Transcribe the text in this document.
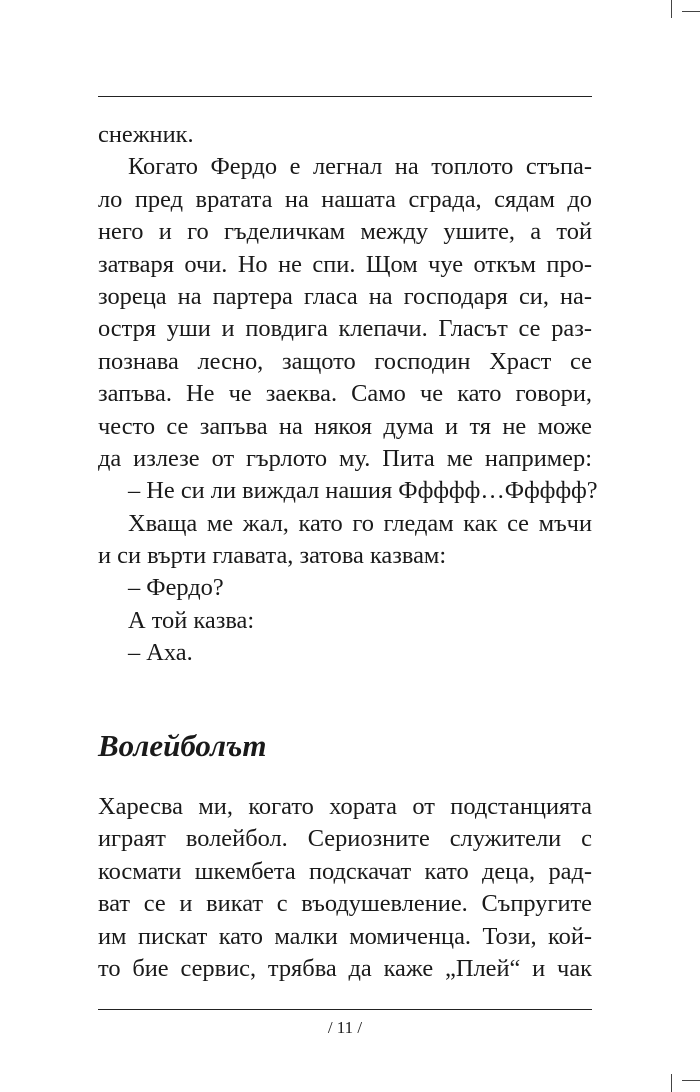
снежник.
Когато Фердо е легнал на топлото стъпа-
ло пред вратата на нашата сграда, сядам до
него и го гъделичкам между ушите, а той
затваря очи. Но не спи. Щом чуе откъм про-
зореца на партера гласа на господаря си, на-
остря уши и повдига клепачи. Гласът се раз-
познава лесно, защото господин Храст се
запъва. Не че заеква. Само че като говори,
често се запъва на някоя дума и тя не може
да излезе от гърлото му. Пита ме например:
– Не си ли виждал нашия Ффффф…Ффффф?
Хваща ме жал, като го гледам как се мъчи
и си върти главата, затова казвам:
– Фердо?
А той казва:
– Аха.
Волейболът
Харесва ми, когато хората от подстанцията
играят волейбол. Сериозните служители с
космати шкембета подскачат като деца, рад-
ват се и викат с въодушевление. Съпругите
им пискат като малки момиченца. Този, кой-
то бие сервис, трябва да каже „Плей“ и чак
/ 11 /
